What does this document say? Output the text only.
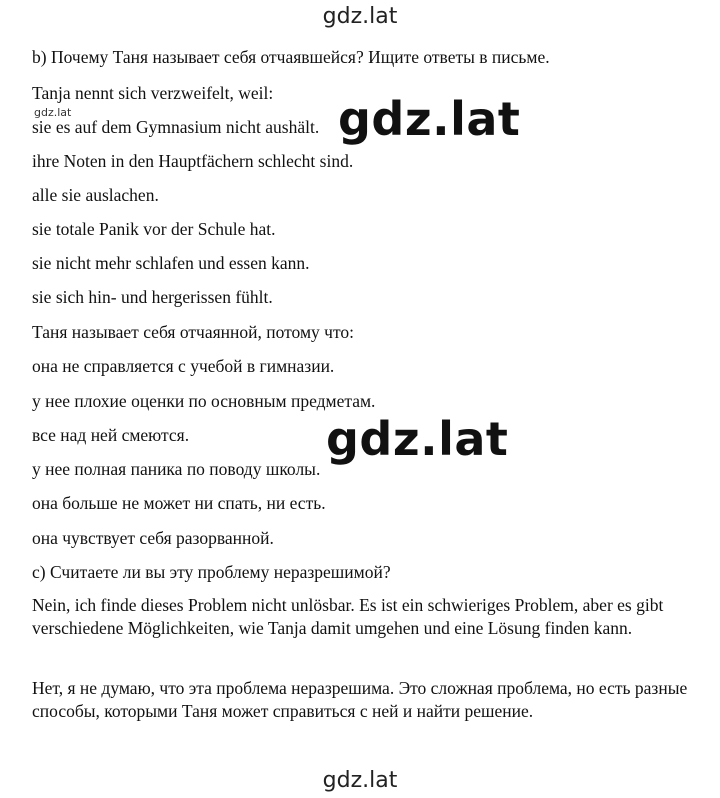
gdz.lat
b) Почему Таня называет себя отчаявшейся? Ищите ответы в письме.
Tanja nennt sich verzweifelt, weil:
sie es auf dem Gymnasium nicht aushält.
ihre Noten in den Hauptfächern schlecht sind.
alle sie auslachen.
sie totale Panik vor der Schule hat.
sie nicht mehr schlafen und essen kann.
sie sich hin- und hergerissen fühlt.
Таня называет себя отчаянной, потому что:
она не справляется с учебой в гимназии.
у нее плохие оценки по основным предметам.
все над ней смеются.
у нее полная паника по поводу школы.
она больше не может ни спать, ни есть.
она чувствует себя разорванной.
c) Считаете ли вы эту проблему неразрешимой?
Nein, ich finde dieses Problem nicht unlösbar. Es ist ein schwieriges Problem, aber es gibt verschiedene Möglichkeiten, wie Tanja damit umgehen und eine Lösung finden kann.
Нет, я не думаю, что эта проблема неразрешима. Это сложная проблема, но есть разные способы, которыми Таня может справиться с ней и найти решение.
gdz.lat	gdz.lat
gdz.lat
gdz.lat
